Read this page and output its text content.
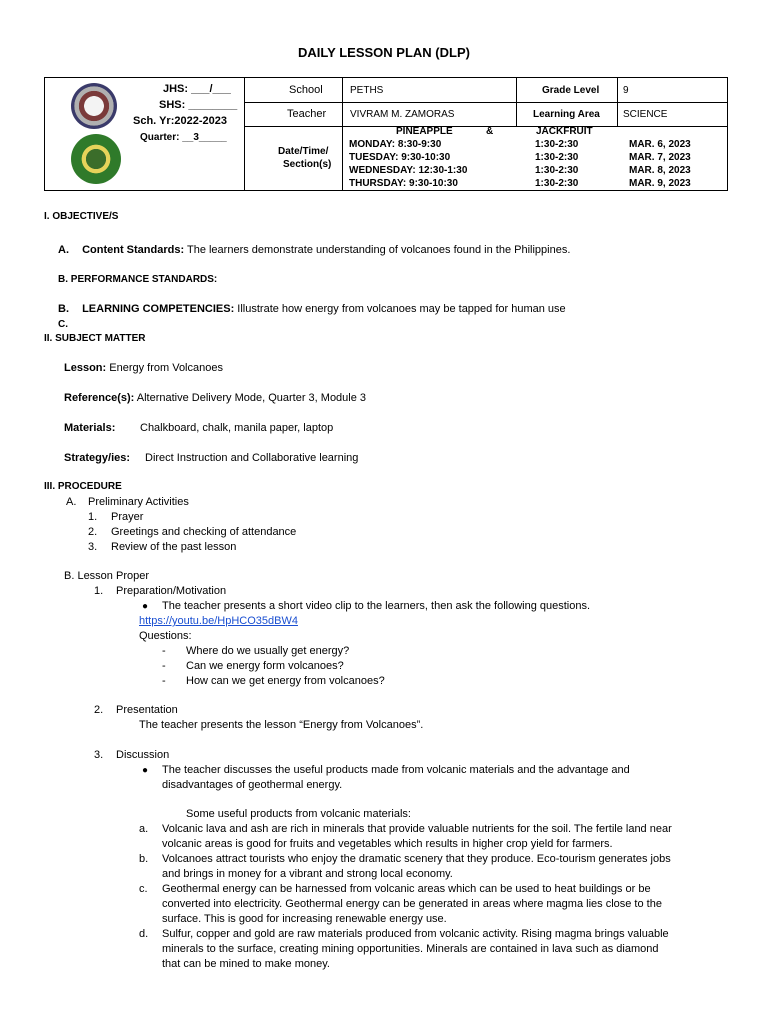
DAILY LESSON PLAN (DLP)
JHS: ___/___
SHS: ________
Sch. Yr:2022-2023
Quarter: __3_____
School	PETHS	Grade Level 9
Teacher VIVRAM M. ZAMORAS	Learning Area SCIENCE
Date/Time/
Section(s)
PINEAPPLE	&	JACKFRUIT
MONDAY: 8:30-9:30	1:30-2:30	MAR. 6, 2023
TUESDAY: 9:30-10:30	1:30-2:30	MAR. 7, 2023
WEDNESDAY: 12:30-1:30	1:30-2:30	MAR. 8, 2023
THURSDAY: 9:30-10:30	1:30-2:30	MAR. 9, 2023
I. OBJECTIVE/S
A. Content Standards: The learners demonstrate understanding of volcanoes found in the Philippines.
B. PERFORMANCE STANDARDS:
B. LEARNING COMPETENCIES: Illustrate how energy from volcanoes may be tapped for human use
C.
II. SUBJECT MATTER
Lesson: Energy from Volcanoes
Reference(s): Alternative Delivery Mode, Quarter 3, Module 3
Materials: Chalkboard, chalk, manila paper, laptop
Strategy/ies: Direct Instruction and Collaborative learning
III. PROCEDURE
A. Preliminary Activities
1. Prayer
2. Greetings and checking of attendance
3. Review of the past lesson
B. Lesson Proper
1. Preparation/Motivation
● The teacher presents a short video clip to the learners, then ask the following questions.
https://youtu.be/HpHCO35dBW4
Questions:
- Where do we usually get energy?
- Can we energy form volcanoes?
- How can we get energy from volcanoes?
2. Presentation
The teacher presents the lesson “Energy from Volcanoes”.
3. Discussion
● The teacher discusses the useful products made from volcanic materials and the advantage and
disadvantages of geothermal energy.
Some useful products from volcanic materials:
a. Volcanic lava and ash are rich in minerals that provide valuable nutrients for the soil. The fertile land near
volcanic areas is good for fruits and vegetables which results in higher crop yield for farmers.
b. Volcanoes attract tourists who enjoy the dramatic scenery that they produce. Eco-tourism generates jobs
and brings in money for a vibrant and strong local economy.
c. Geothermal energy can be harnessed from volcanic areas which can be used to heat buildings or be
converted into electricity. Geothermal energy can be generated in areas where magma lies close to the
surface. This is good for increasing renewable energy use.
d. Sulfur, copper and gold are raw materials produced from volcanic activity. Rising magma brings valuable
minerals to the surface, creating mining opportunities. Minerals are contained in lava such as diamond
that can be mined to make money.
